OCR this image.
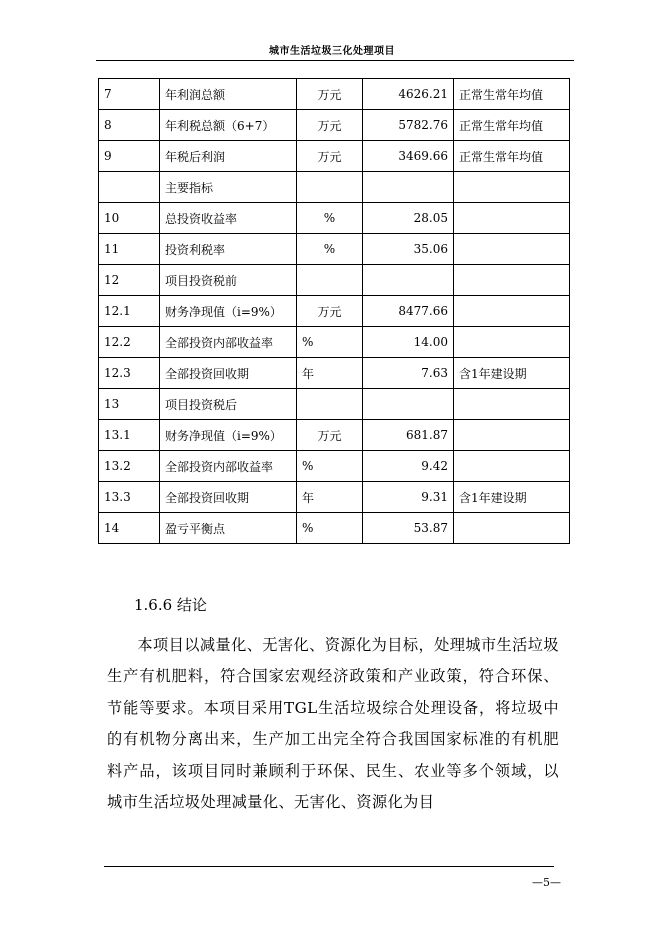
城市生活垃圾三化处理项目
7	年利润总额	万元	4626.21	正常生常年均值
8	年利税总额（6+7）	万元	5782.76	正常生常年均值
9	年税后利润	万元	3469.66	正常生常年均值
	主要指标			
10	总投资收益率	%	28.05	
11	投资利税率	%	35.06	
12	项目投资税前			
12.1	财务净现值（i=9%）	万元	8477.66	
12.2	全部投资内部收益率	%	14.00	
12.3	全部投资回收期	年	7.63	含1年建设期
13	项目投资税后			
13.1	财务净现值（i=9%）	万元	681.87	
13.2	全部投资内部收益率	%	9.42	
13.3	全部投资回收期	年	9.31	含1年建设期
14	盈亏平衡点	%	53.87	
1.6.6 结论
本项目以减量化、无害化、资源化为目标，处理城市生活垃圾生产有机肥料，符合国家宏观经济政策和产业政策，符合环保、节能等要求。本项目采用TGL生活垃圾综合处理设备，将垃圾中的有机物分离出来，生产加工出完全符合我国国家标准的有机肥料产品，该项目同时兼顾利于环保、民生、农业等多个领域，以城市生活垃圾处理减量化、无害化、资源化为目
—5—
